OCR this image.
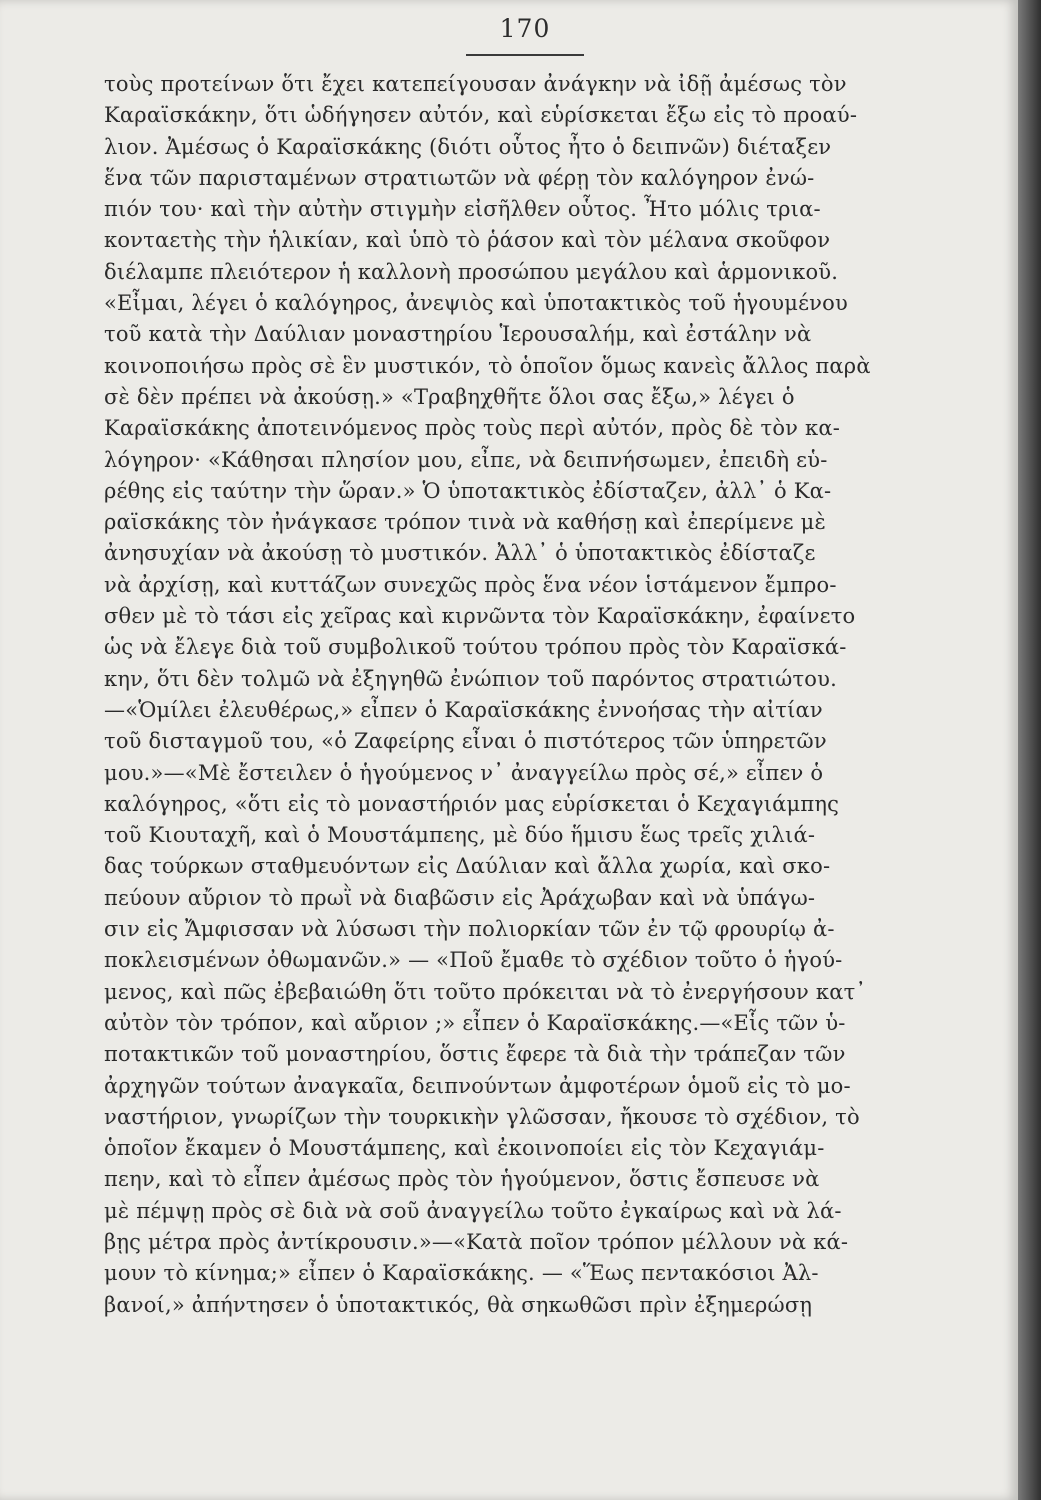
170
τοὺς προτείνων ὅτι ἔχει κατεπείγουσαν ἀνάγκην νὰ ἰδῇ ἀμέσως τὸν
Καραϊσκάκην, ὅτι ὡδήγησεν αὐτόν, καὶ εὑρίσκεται ἔξω εἰς τὸ προαύ-
λιον. Ἀμέσως ὁ Καραϊσκάκης (διότι οὗτος ἦτο ὁ δειπνῶν) διέταξεν
ἕνα τῶν παρισταμένων στρατιωτῶν νὰ φέρῃ τὸν καλόγηρον ἐνώ-
πιόν του· καὶ τὴν αὐτὴν στιγμὴν εἰσῆλθεν οὗτος. Ἦτο μόλις τρια-
κονταετὴς τὴν ἡλικίαν, καὶ ὑπὸ τὸ ῥάσον καὶ τὸν μέλανα σκοῦφον
διέλαμπε πλειότερον ἡ καλλονὴ προσώπου μεγάλου καὶ ἁρμονικοῦ.
«Εἶμαι, λέγει ὁ καλόγηρος, ἀνεψιὸς καὶ ὑποτακτικὸς τοῦ ἡγουμένου
τοῦ κατὰ τὴν Δαύλιαν μοναστηρίου Ἱερουσαλήμ, καὶ ἐστάλην νὰ
κοινοποιήσω πρὸς σὲ ἓν μυστικόν, τὸ ὁποῖον ὅμως κανεὶς ἄλλος παρὰ
σὲ δὲν πρέπει νὰ ἀκούσῃ.» «Τραβηχθῆτε ὅλοι σας ἔξω,» λέγει ὁ
Καραϊσκάκης ἀποτεινόμενος πρὸς τοὺς περὶ αὐτόν, πρὸς δὲ τὸν κα-
λόγηρον· «Κάθησαι πλησίον μου, εἶπε, νὰ δειπνήσωμεν, ἐπειδὴ εὑ-
ρέθης εἰς ταύτην τὴν ὥραν.» Ὁ ὑποτακτικὸς ἐδίσταζεν, ἀλλ᾽ ὁ Κα-
ραϊσκάκης τὸν ἠνάγκασε τρόπον τινὰ νὰ καθήσῃ καὶ ἐπερίμενε μὲ
ἀνησυχίαν νὰ ἀκούσῃ τὸ μυστικόν. Ἀλλ᾽ ὁ ὑποτακτικὸς ἐδίσταζε
νὰ ἀρχίσῃ, καὶ κυττάζων συνεχῶς πρὸς ἕνα νέον ἱστάμενον ἔμπρο-
σθεν μὲ τὸ τάσι εἰς χεῖρας καὶ κιρνῶντα τὸν Καραϊσκάκην, ἐφαίνετο
ὡς νὰ ἔλεγε διὰ τοῦ συμβολικοῦ τούτου τρόπου πρὸς τὸν Καραϊσκά-
κην, ὅτι δὲν τολμῶ νὰ ἐξηγηθῶ ἐνώπιον τοῦ παρόντος στρατιώτου.
—«Ὁμίλει ἐλευθέρως,» εἶπεν ὁ Καραϊσκάκης ἐννοήσας τὴν αἰτίαν
τοῦ δισταγμοῦ του, «ὁ Ζαφείρης εἶναι ὁ πιστότερος τῶν ὑπηρετῶν
μου.»—«Μὲ ἔστειλεν ὁ ἡγούμενος ν᾽ ἀναγγείλω πρὸς σέ,» εἶπεν ὁ
καλόγηρος, «ὅτι εἰς τὸ μοναστήριόν μας εὑρίσκεται ὁ Κεχαγιάμπης
τοῦ Κιουταχῆ, καὶ ὁ Μουστάμπεης, μὲ δύο ἥμισυ ἕως τρεῖς χιλιά-
δας τούρκων σταθμευόντων εἰς Δαύλιαν καὶ ἄλλα χωρία, καὶ σκο-
πεύουν αὔριον τὸ πρωῒ νὰ διαβῶσιν εἰς Ἀράχωβαν καὶ νὰ ὑπάγω-
σιν εἰς Ἄμφισσαν νὰ λύσωσι τὴν πολιορκίαν τῶν ἐν τῷ φρουρίῳ ἀ-
ποκλεισμένων ὀθωμανῶν.» — «Ποῦ ἔμαθε τὸ σχέδιον τοῦτο ὁ ἡγού-
μενος, καὶ πῶς ἐβεβαιώθη ὅτι τοῦτο πρόκειται νὰ τὸ ἐνεργήσουν κατ᾽
αὐτὸν τὸν τρόπον, καὶ αὔριον ;» εἶπεν ὁ Καραϊσκάκης.—«Εἷς τῶν ὑ-
ποτακτικῶν τοῦ μοναστηρίου, ὅστις ἔφερε τὰ διὰ τὴν τράπεζαν τῶν
ἀρχηγῶν τούτων ἀναγκαῖα, δειπνούντων ἀμφοτέρων ὁμοῦ εἰς τὸ μο-
ναστήριον, γνωρίζων τὴν τουρκικὴν γλῶσσαν, ἤκουσε τὸ σχέδιον, τὸ
ὁποῖον ἔκαμεν ὁ Μουστάμπεης, καὶ ἐκοινοποίει εἰς τὸν Κεχαγιάμ-
πεην, καὶ τὸ εἶπεν ἀμέσως πρὸς τὸν ἡγούμενον, ὅστις ἔσπευσε νὰ
μὲ πέμψῃ πρὸς σὲ διὰ νὰ σοῦ ἀναγγείλω τοῦτο ἐγκαίρως καὶ νὰ λά-
βῃς μέτρα πρὸς ἀντίκρουσιν.»—«Κατὰ ποῖον τρόπον μέλλουν νὰ κά-
μουν τὸ κίνημα;» εἶπεν ὁ Καραϊσκάκης. — «Ἕως πεντακόσιοι Ἀλ-
βανοί,» ἀπήντησεν ὁ ὑποτακτικός, θὰ σηκωθῶσι πρὶν ἐξημερώσῃ
